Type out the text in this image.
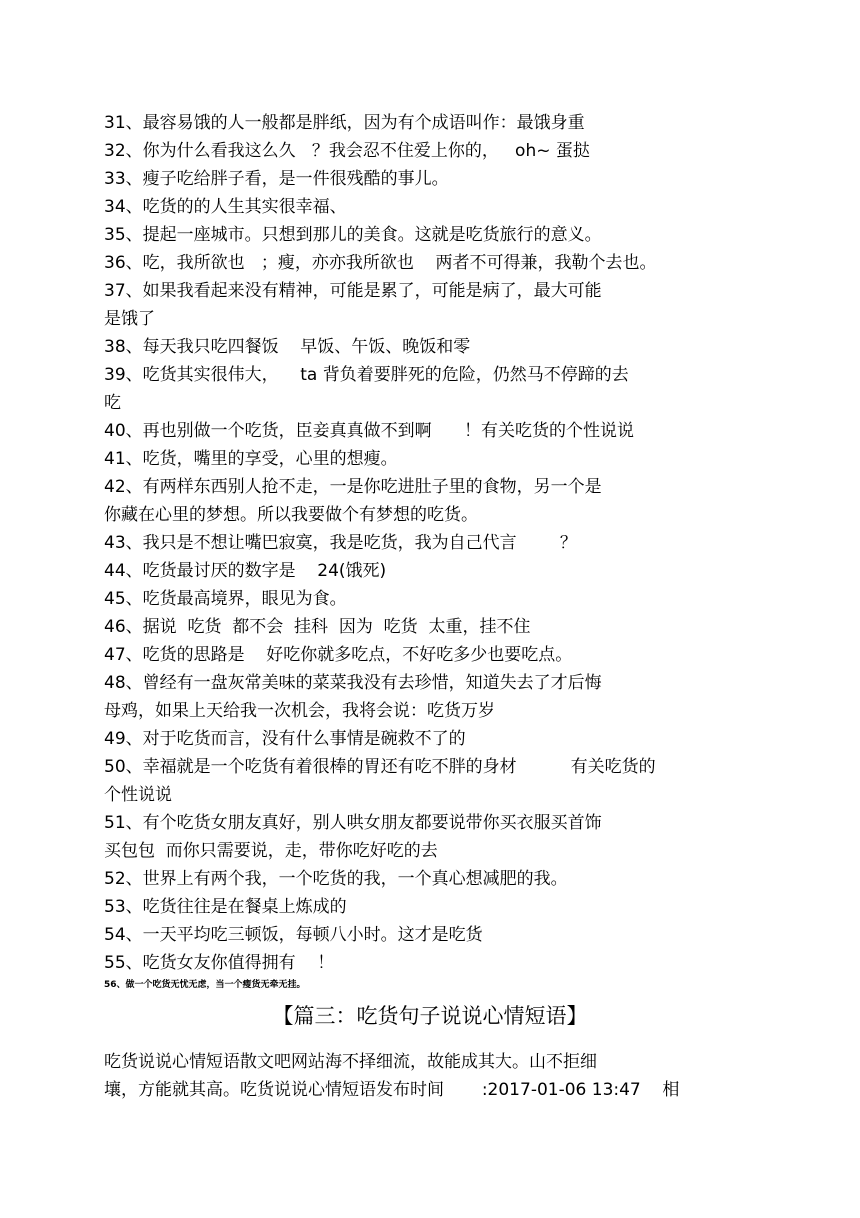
31、最容易饿的人一般都是胖纸，因为有个成语叫作：最饿身重
32、你为什么看我这么久   ？我会忍不住爱上你的，   oh~ 蛋挞
33、瘦子吃给胖子看，是一件很残酷的事儿。
34、吃货的的人生其实很幸福、
35、提起一座城市。只想到那儿的美食。这就是吃货旅行的意义。
36、吃，我所欲也   ；瘦，亦亦我所欲也    两者不可得兼，我勒个去也。
37、如果我看起来没有精神，可能是累了，可能是病了，最大可能
是饿了
38、每天我只吃四餐饭    早饭、午饭、晚饭和零
39、吃货其实很伟大，    ta 背负着要胖死的危险，仍然马不停蹄的去
吃
40、再也别做一个吃货，臣妾真真做不到啊      ！有关吃货的个性说说
41、吃货，嘴里的享受，心里的想瘦。
42、有两样东西别人抢不走，一是你吃进肚子里的食物，另一个是
你藏在心里的梦想。所以我要做个有梦想的吃货。
43、我只是不想让嘴巴寂寞，我是吃货，我为自己代言        ？
44、吃货最讨厌的数字是    24(饿死)
45、吃货最高境界，眼见为食。
46、据说  吃货  都不会  挂科  因为  吃货  太重，挂不住
47、吃货的思路是    好吃你就多吃点，不好吃多少也要吃点。
48、曾经有一盘灰常美味的菜菜我没有去珍惜，知道失去了才后悔
母鸡，如果上天给我一次机会，我将会说：吃货万岁
49、对于吃货而言，没有什么事情是碗救不了的
50、幸福就是一个吃货有着很棒的胃还有吃不胖的身材          有关吃货的
个性说说
51、有个吃货女朋友真好，别人哄女朋友都要说带你买衣服买首饰
买包包  而你只需要说，走，带你吃好吃的去
52、世界上有两个我，一个吃货的我，一个真心想减肥的我。
53、吃货往往是在餐桌上炼成的
54、一天平均吃三顿饭，每顿八小时。这才是吃货
55、吃货女友你值得拥有    ！
56、做一个吃货无忧无虑，当一个瘦货无牵无挂。
【篇三：吃货句子说说心情短语】
吃货说说心情短语散文吧网站海不择细流，故能成其大。山不拒细
壤，方能就其高。吃货说说心情短语发布时间       :2017-01-06 13:47    相
